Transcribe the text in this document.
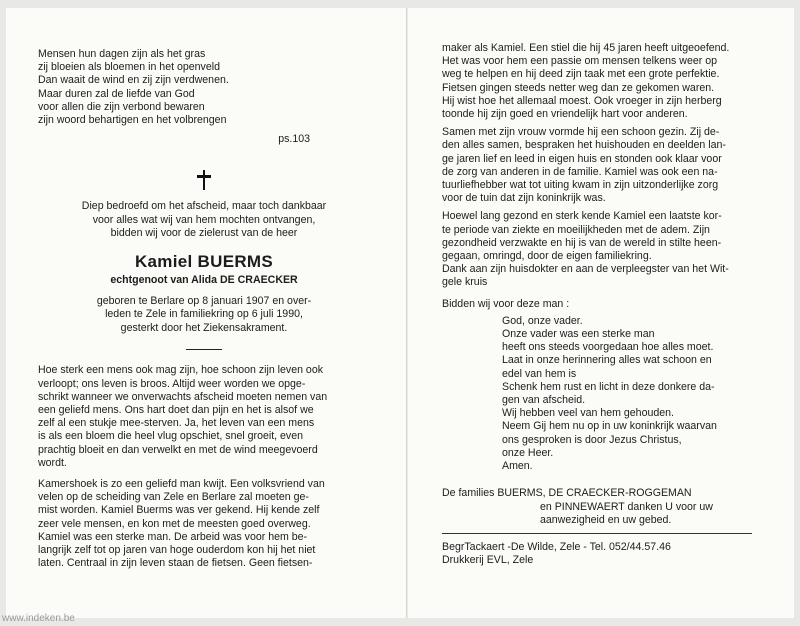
Mensen hun dagen zijn als het gras
zij bloeien als bloemen in het openveld
Dan waait de wind en zij zijn verdwenen.
Maar duren zal de liefde van God
voor allen die zijn verbond bewaren
zijn woord behartigen en het volbrengen
ps.103
Diep bedroefd om het afscheid, maar toch dankbaar
voor alles wat wij van hem mochten ontvangen,
bidden wij voor de zielerust van de heer
Kamiel BUERMS
echtgenoot van Alida DE CRAECKER
geboren te Berlare op 8 januari 1907 en over-
leden te Zele in familiekring op 6 juli 1990,
gesterkt door het Ziekensakrament.
Hoe sterk een mens ook mag zijn, hoe schoon zijn leven ook
verloopt; ons leven is broos. Altijd weer worden we opge-
schrikt wanneer we onverwachts afscheid moeten nemen van
een geliefd mens. Ons hart doet dan pijn en het is alsof we
zelf al een stukje mee-sterven. Ja, het leven van een mens
is als een bloem die heel vlug opschiet, snel groeit, even
prachtig bloeit en dan verwelkt en met de wind meegevoerd
wordt.
Kamershoek is zo een geliefd man kwijt. Een volksvriend van
velen op de scheiding van Zele en Berlare zal moeten ge-
mist worden. Kamiel Buerms was ver gekend. Hij kende zelf
zeer vele mensen, en kon met de meesten goed overweg.
Kamiel was een sterke man. De arbeid was voor hem be-
langrijk zelf tot op jaren van hoge ouderdom kon hij het niet
laten. Centraal in zijn leven staan de fietsen. Geen fietsen-
maker als Kamiel. Een stiel die hij 45 jaren heeft uitgeoefend.
Het was voor hem een passie om mensen telkens weer op
weg te helpen en hij deed zijn taak met een grote perfektie.
Fietsen gingen steeds netter weg dan ze gekomen waren.
Hij wist hoe het allemaal moest. Ook vroeger in zijn herberg
toonde hij zijn goed en vriendelijk hart voor anderen.
Samen met zijn vrouw vormde hij een schoon gezin. Zij de-
den alles samen, bespraken het huishouden en deelden lan-
ge jaren lief en leed in eigen huis en stonden ook klaar voor
de zorg van anderen in de familie. Kamiel was ook een na-
tuurliefhebber wat tot uiting kwam in zijn uitzonderlijke zorg
voor de tuin dat zijn koninkrijk was.
Hoewel lang gezond en sterk kende Kamiel een laatste kor-
te periode van ziekte en moeilijkheden met de adem. Zijn
gezondheid verzwakte en hij is van de wereld in stilte heen-
gegaan, omringd, door de eigen familiekring.
Dank aan zijn huisdokter en aan de verpleegster van het Wit-
gele kruis
Bidden wij voor deze man :
God, onze vader.
Onze vader was een sterke man
heeft ons steeds voorgedaan hoe alles moet.
Laat in onze herinnering alles wat schoon en
edel van hem is
Schenk hem rust en licht in deze donkere da-
gen van afscheid.
Wij hebben veel van hem gehouden.
Neem Gij hem nu op in uw koninkrijk waarvan
ons gesproken is door Jezus Christus,
onze Heer.
Amen.
De families BUERMS, DE CRAECKER-ROGGEMAN
en PINNEWAERT danken U voor uw
aanwezigheid en uw gebed.
BegrTackaert -De Wilde, Zele - Tel. 052/44.57.46
Drukkerij EVL, Zele
www.indeken.be
